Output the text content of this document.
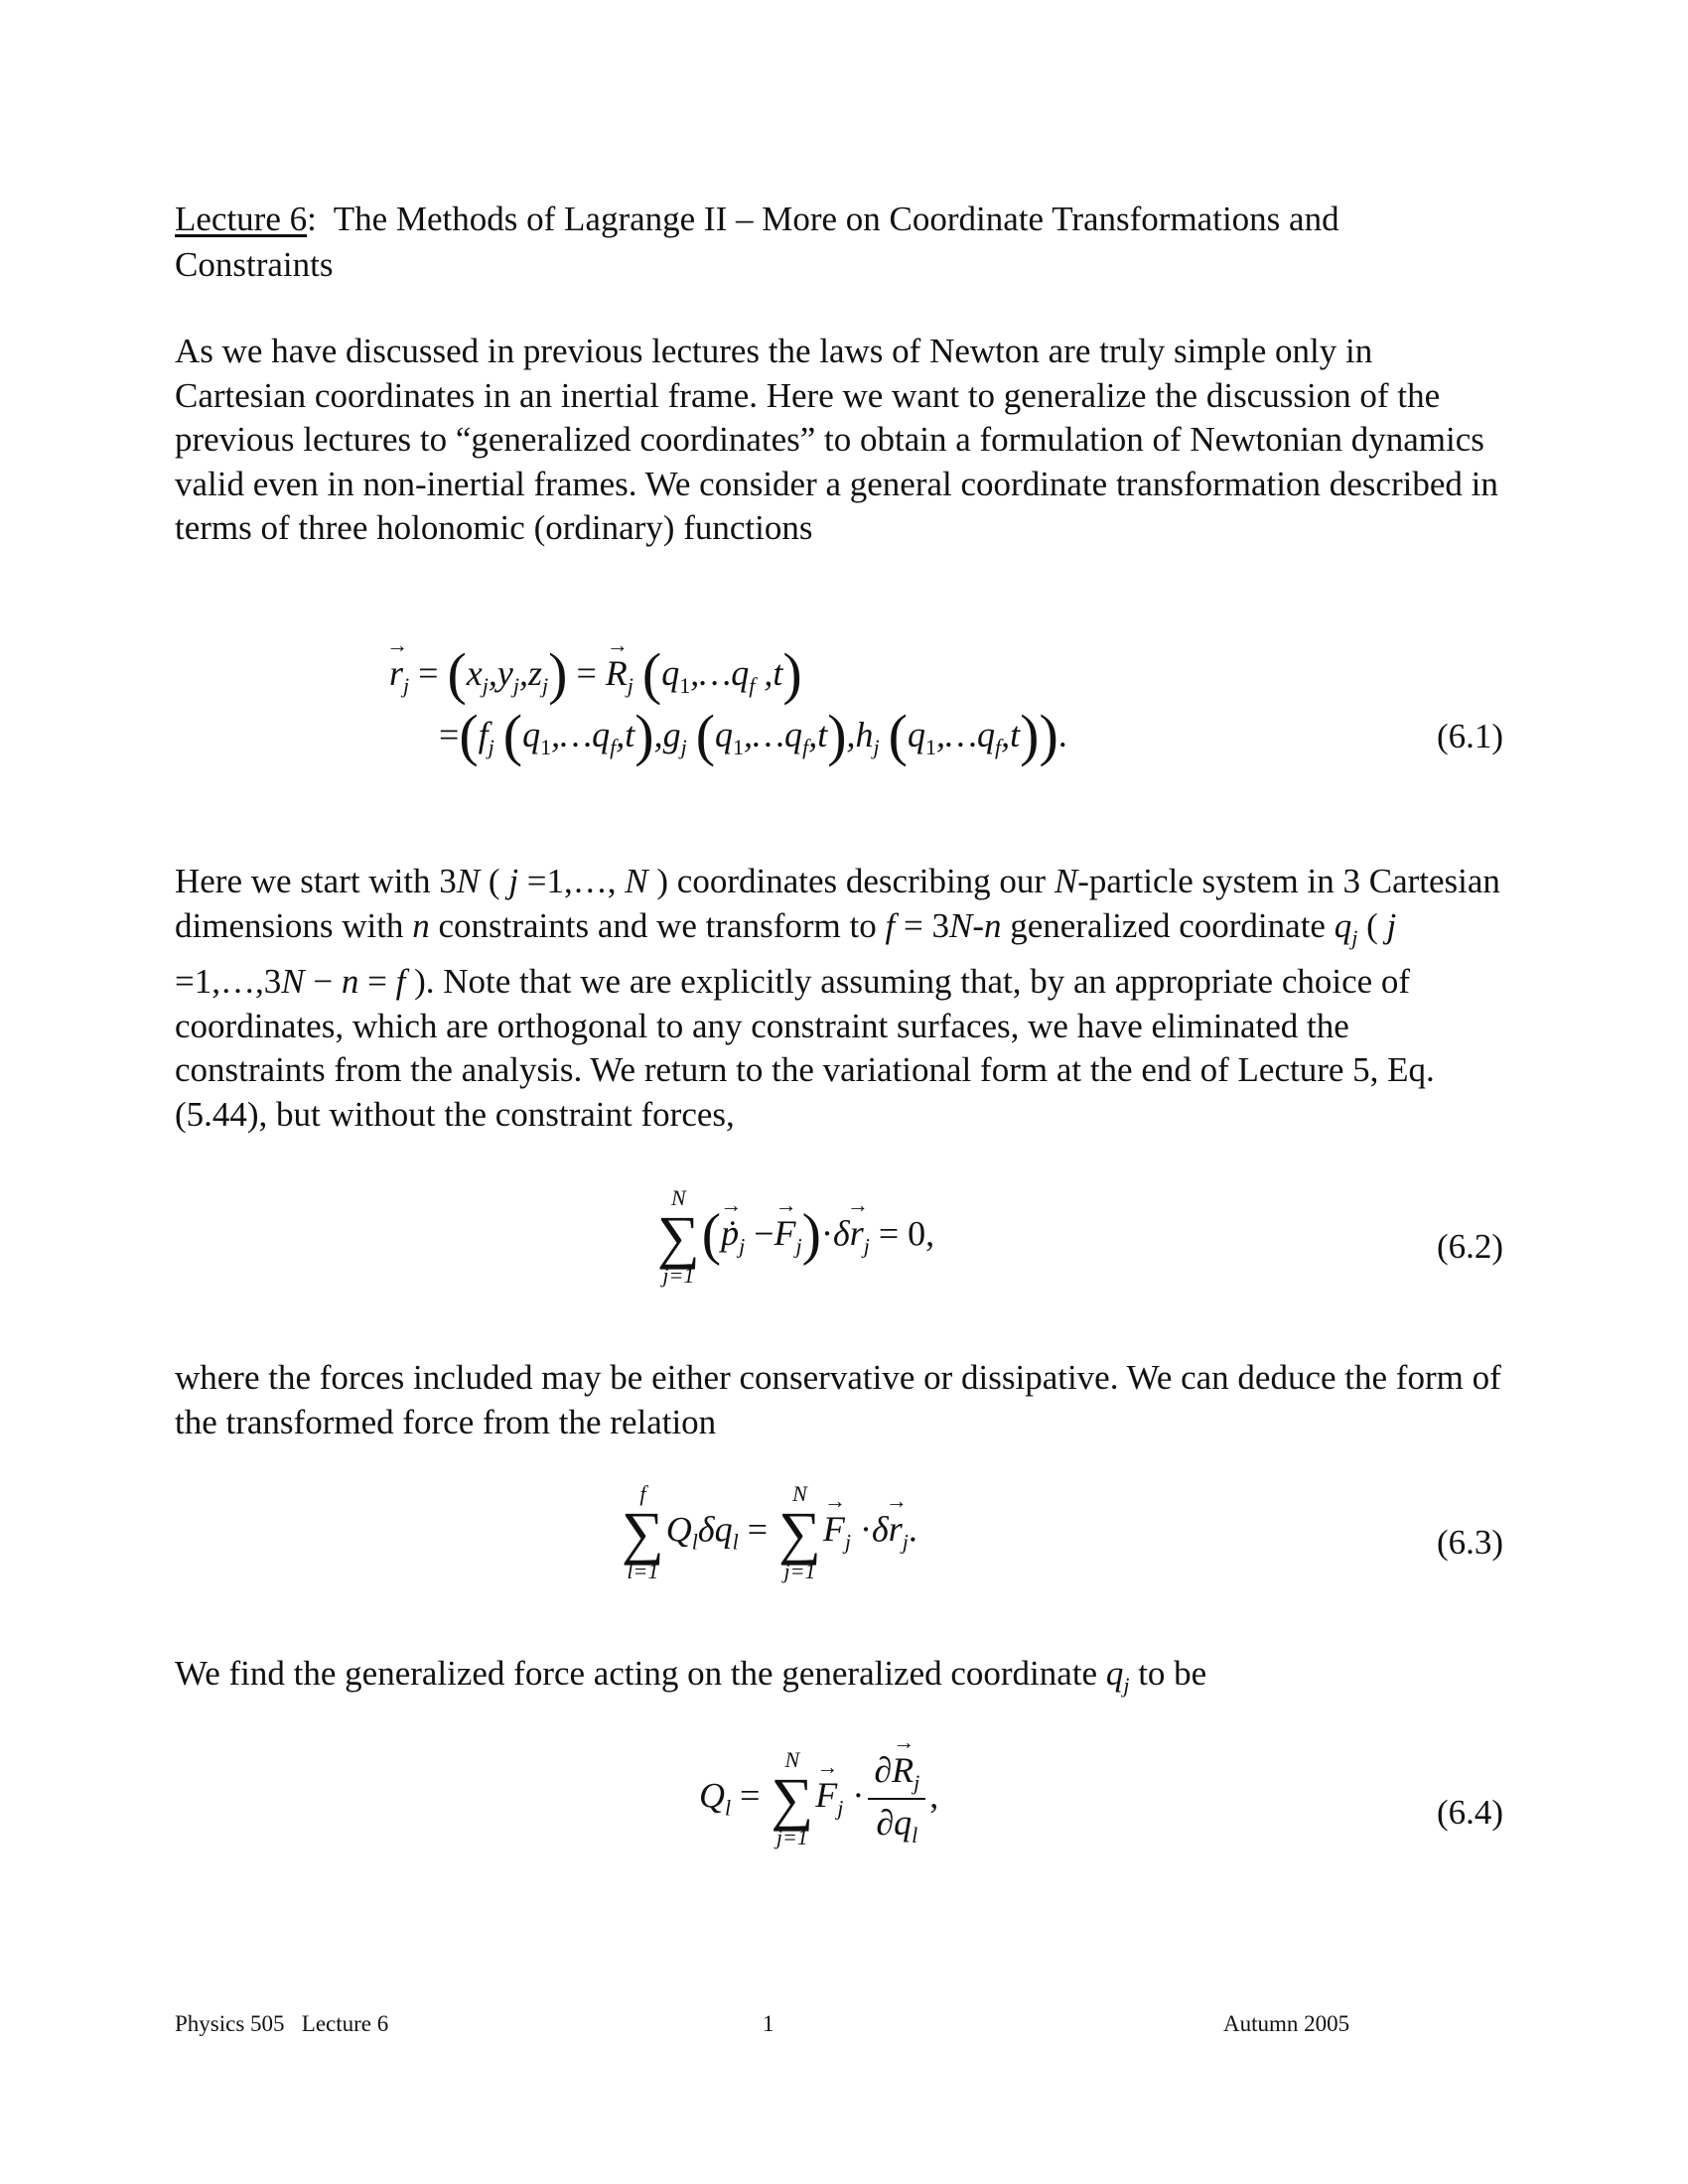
Lecture 6:  The Methods of Lagrange II – More on Coordinate Transformations and Constraints
As we have discussed in previous lectures the laws of Newton are truly simple only in Cartesian coordinates in an inertial frame. Here we want to generalize the discussion of the previous lectures to “generalized coordinates” to obtain a formulation of Newtonian dynamics valid even in non-inertial frames. We consider a general coordinate transformation described in terms of three holonomic (ordinary) functions
→ $r_j = (x_j,y_j,z_j)$ = → $R_j$ ($q_1,\dots q_f$ ,t)
$=(f_j$ $(q_1,\dots q_f,t),g_j$ $(q_1,\dots q_f,t),h_j$ $(q_1,\dots q_f,t)$).	(6.1)
Here we start with 3N ( j =1,…, N ) coordinates describing our N-particle system in 3 Cartesian dimensions with n constraints and we transform to f = 3N-n generalized coordinate $q_j$ ( j =1,…,3N − n = f ). Note that we are explicitly assuming that, by an appropriate choice of coordinates, which are orthogonal to any constraint surfaces, we have eliminated the constraints from the analysis. We return to the variational form at the end of Lecture 5, Eq. (5.44), but without the constraint forces,
N
∑
j=1
(→ ṗ$_j$ −→ $F_j)\cdot\delta\to r_j = 0$,	(6.2)
where the forces included may be either conservative or dissipative. We can deduce the form of the transformed force from the relation
f
∑
l=1
$Q_l\delta q_l$ =
N
∑
j=1
→ $F_j \cdot\delta\to r_j$.	(6.3)
We find the generalized force acting on the generalized coordinate $q_j$ to be
$Q_l$ =
N
∑
j=1
→ $F_j \cdot \frac{\partial\to R_j}{\partial q_l}$ ,	(6.4)
Physics 505   Lecture 6	1	Autumn 2005
